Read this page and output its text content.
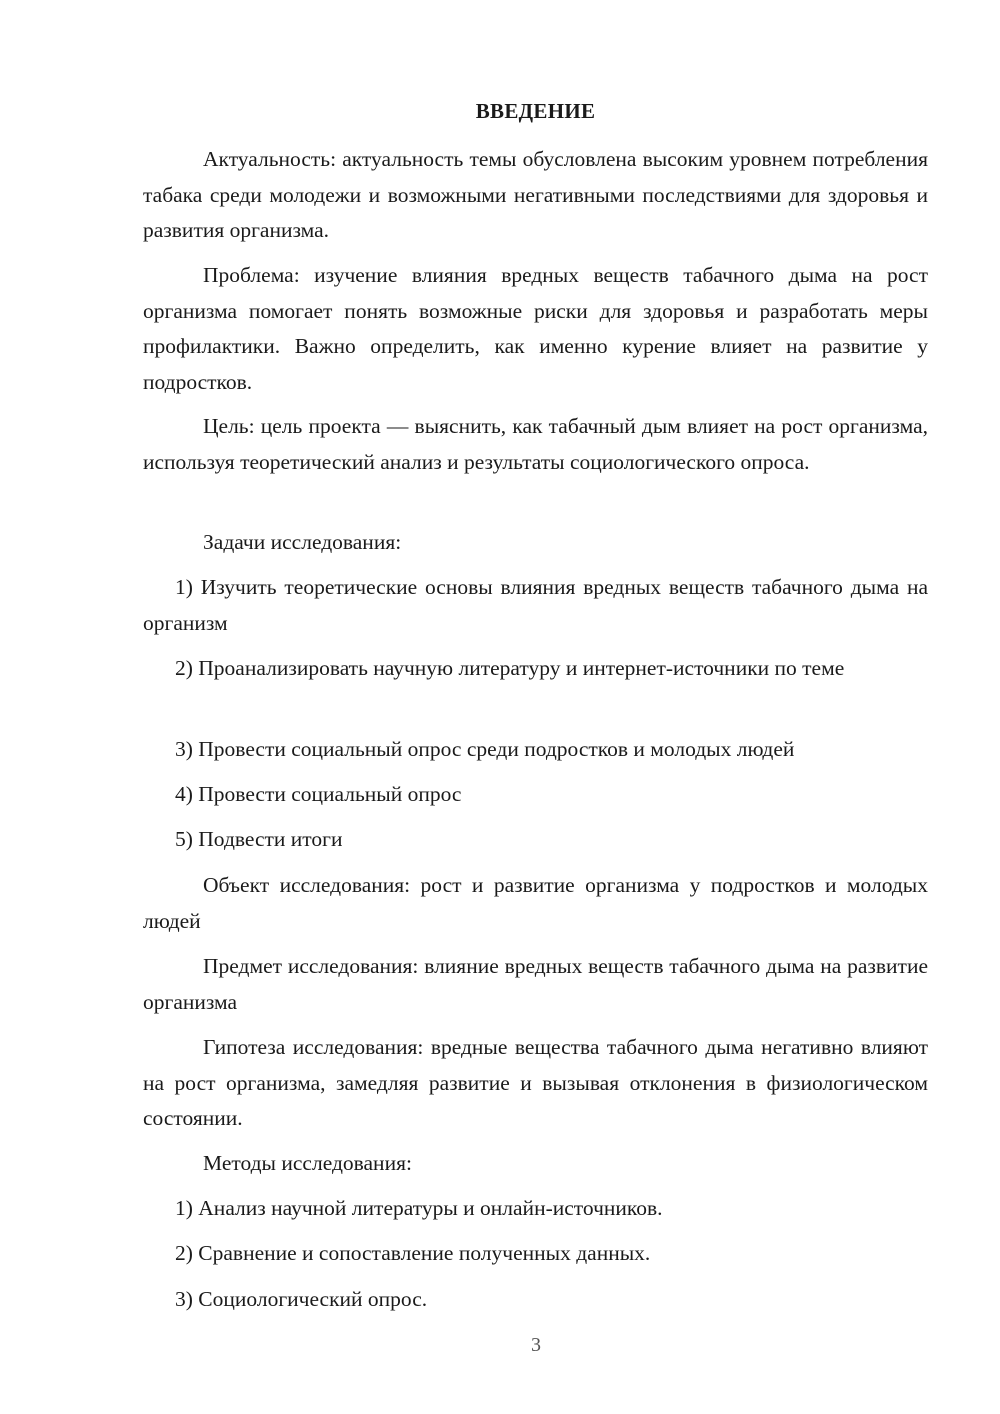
ВВЕДЕНИЕ
Актуальность: актуальность темы обусловлена высоким уровнем потребления табака среди молодежи и возможными негативными последствиями для здоровья и развития организма.
Проблема: изучение влияния вредных веществ табачного дыма на рост организма помогает понять возможные риски для здоровья и разработать меры профилактики. Важно определить, как именно курение влияет на развитие у подростков.
Цель: цель проекта — выяснить, как табачный дым влияет на рост организма, используя теоретический анализ и результаты социологического опроса.
Задачи исследования:
1) Изучить теоретические основы влияния вредных веществ табачного дыма на организм
2) Проанализировать научную литературу и интернет-источники по теме
3) Провести социальный опрос среди подростков и молодых людей
4) Провести социальный опрос
5) Подвести итоги
Объект исследования: рост и развитие организма у подростков и молодых людей
Предмет исследования: влияние вредных веществ табачного дыма на развитие организма
Гипотеза исследования: вредные вещества табачного дыма негативно влияют на рост организма, замедляя развитие и вызывая отклонения в физиологическом состоянии.
Методы исследования:
1) Анализ научной литературы и онлайн-источников.
2) Сравнение и сопоставление полученных данных.
3) Социологический опрос.
3
